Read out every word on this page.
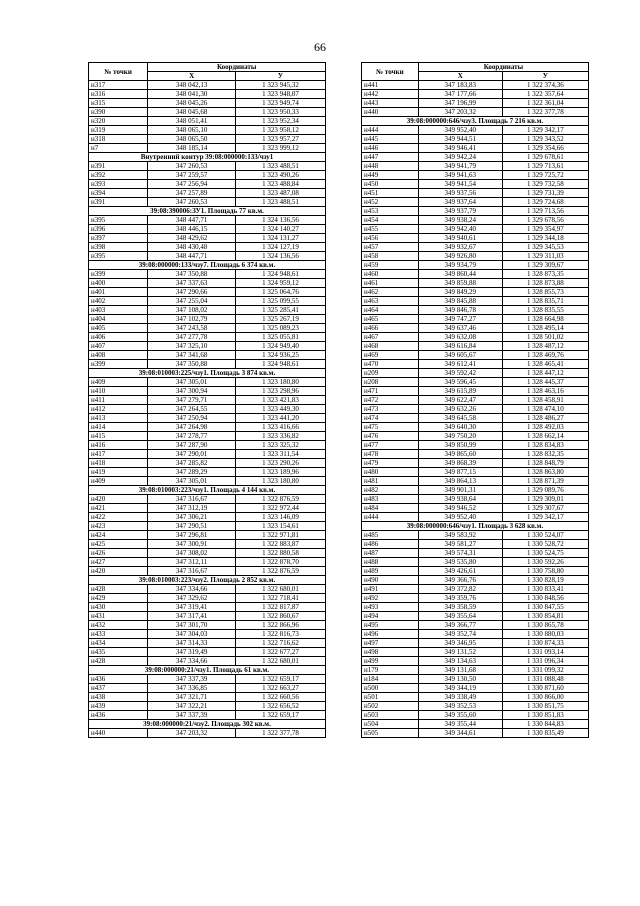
66
№ точки	Координаты	
	X	У
н317	348 042,13	1 323 945,32
н316	348 041,30	1 323 948,07
н315	348 045,26	1 323 949,74
н390	348 045,68	1 323 950,33
н320	348 051,41	1 323 952,34
н319	348 065,10	1 323 958,12
н318	348 065,50	1 323 957,27
н7	348 185,14	1 323 999,12
Внутренний контур 39:08:000000:133/чзу1		
н391	347 260,53	1 323 488,51
н392	347 259,57	1 323 490,26
н393	347 256,94	1 323 488,84
н394	347 257,89	1 323 487,08
н391	347 260,53	1 323 488,51
39:08:390006:ЗУ1. Площадь 77 кв.м.		
н395	348 447,71	1 324 136,56
н396	348 446,15	1 324 140,27
н397	348 429,62	1 324 131,27
н398	348 430,48	1 324 127,19
н395	348 447,71	1 324 136,56
39:08:000000:133/чзу7. Площадь 6 374 кв.м.		
н399	347 350,88	1 324 948,61
н400	347 337,63	1 324 959,12
н401	347 290,66	1 325 064,76
н402	347 255,04	1 325 099,55
н403	347 108,02	1 325 285,41
н404	347 102,79	1 325 267,19
н405	347 243,58	1 325 089,23
н406	347 277,78	1 325 055,81
н407	347 325,10	1 324 949,40
н408	347 341,68	1 324 936,25
н399	347 350,88	1 324 948,61
39:08:010003:225/чзу1. Площадь 3 874 кв.м.		
н409	347 305,01	1 323 180,80
н410	347 300,94	1 323 298,96
н411	347 279,71	1 323 421,83
н412	347 264,55	1 323 449,30
н413	347 250,94	1 323 441,20
н414	347 264,98	1 323 416,66
н415	347 278,77	1 323 336,82
н416	347 287,90	1 323 325,32
н417	347 290,01	1 323 311,54
н418	347 285,82	1 323 290,26
н419	347 289,29	1 323 189,96
н409	347 305,01	1 323 180,80
39:08:010003:223/чзу1. Площадь 4 144 кв.м.		
н420	347 316,67	1 322 876,59
н421	347 312,19	1 322 972,44
н422	347 306,21	1 323 146,09
н423	347 290,51	1 323 154,61
н424	347 296,81	1 322 971,81
н425	347 300,91	1 322 883,87
н426	347 308,02	1 322 880,58
н427	347 312,11	1 322 878,70
н420	347 316,67	1 322 876,59
39:08:010003:223/чзу2. Площадь 2 852 кв.м.		
н428	347 334,66	1 322 680,01
н429	347 329,62	1 322 718,41
н430	347 319,41	1 322 817,87
н431	347 317,41	1 322 860,67
н432	347 301,70	1 322 866,96
н433	347 304,03	1 322 816,73
н434	347 314,33	1 322 716,62
н435	347 319,49	1 322 677,27
н428	347 334,66	1 322 680,01
39:08:000000:21/чзу1. Площадь 61 кв.м.		
н436	347 337,39	1 322 659,17
н437	347 336,85	1 322 663,27
н438	347 321,71	1 322 660,56
н439	347 322,21	1 322 656,52
н436	347 337,39	1 322 659,17
39:08:000000:21/чзу2. Площадь 302 кв.м.		
н440	347 203,32	1 322 377,78
№ точки	Координаты	
	X	У
н441	347 183,83	1 322 374,36
н442	347 177,66	1 322 357,64
н443	347 196,99	1 322 361,04
н440	347 203,32	1 322 377,78
39:08:000000:646/чзу3. Площадь 7 216 кв.м.		
н444	349 952,40	1 329 342,17
н445	349 944,51	1 329 343,52
н446	349 946,41	1 329 354,66
н447	349 942,24	1 329 678,61
н448	349 941,79	1 329 713,61
н449	349 941,63	1 329 725,72
н450	349 941,54	1 329 732,58
н451	349 937,56	1 329 731,39
н452	349 937,64	1 329 724,68
н453	349 937,79	1 329 713,56
н454	349 938,24	1 329 678,56
н455	349 942,40	1 329 354,97
н456	349 940,61	1 329 344,18
н457	349 932,67	1 329 345,53
н458	349 926,80	1 329 311,03
н459	349 934,79	1 329 309,67
н460	349 860,44	1 328 873,35
н461	349 859,88	1 328 873,88
н462	349 849,29	1 328 855,73
н463	349 845,88	1 328 835,71
н464	349 846,78	1 328 835,55
н465	349 747,27	1 328 664,98
н466	349 637,46	1 328 495,14
н467	349 632,08	1 328 501,02
н468	349 616,84	1 328 487,12
н469	349 605,67	1 328 469,76
н470	349 612,41	1 328 465,41
н209	349 592,42	1 328 447,12
н208	349 596,45	1 328 445,37
н471	349 615,89	1 328 463,16
н472	349 622,47	1 328 458,91
н473	349 632,26	1 328 474,10
н474	349 645,58	1 328 486,27
н475	349 640,30	1 328 492,03
н476	349 750,20	1 328 662,14
н477	349 850,99	1 328 834,83
н478	349 865,60	1 328 832,35
н479	349 868,39	1 328 848,79
н480	349 877,15	1 328 863,80
н481	349 864,13	1 328 871,39
н482	349 901,31	1 329 089,76
н483	349 938,64	1 329 309,01
н484	349 946,52	1 329 307,67
н444	349 952,40	1 329 342,17
39:08:000000:646/чзу1. Площадь 3 628 кв.м.		
н485	349 583,92	1 330 524,07
н486	349 581,27	1 330 528,72
н487	349 574,31	1 330 524,75
н488	349 535,80	1 330 592,26
н489	349 426,61	1 330 758,80
н490	349 366,76	1 330 828,19
н491	349 372,82	1 330 833,41
н492	349 359,76	1 330 848,56
н493	349 358,59	1 330 847,55
н494	349 355,64	1 330 854,81
н495	349 366,77	1 330 865,78
н496	349 352,74	1 330 880,03
н497	349 346,95	1 330 874,33
н498	349 131,52	1 331 093,14
н499	349 134,63	1 331 096,34
н179	349 131,68	1 331 099,32
н184	349 130,50	1 331 088,48
н500	349 344,19	1 330 871,60
н501	349 338,49	1 330 866,00
н502	349 352,53	1 330 851,75
н503	349 355,60	1 330 851,83
н504	349 355,44	1 330 844,83
н505	349 344,61	1 330 835,49
